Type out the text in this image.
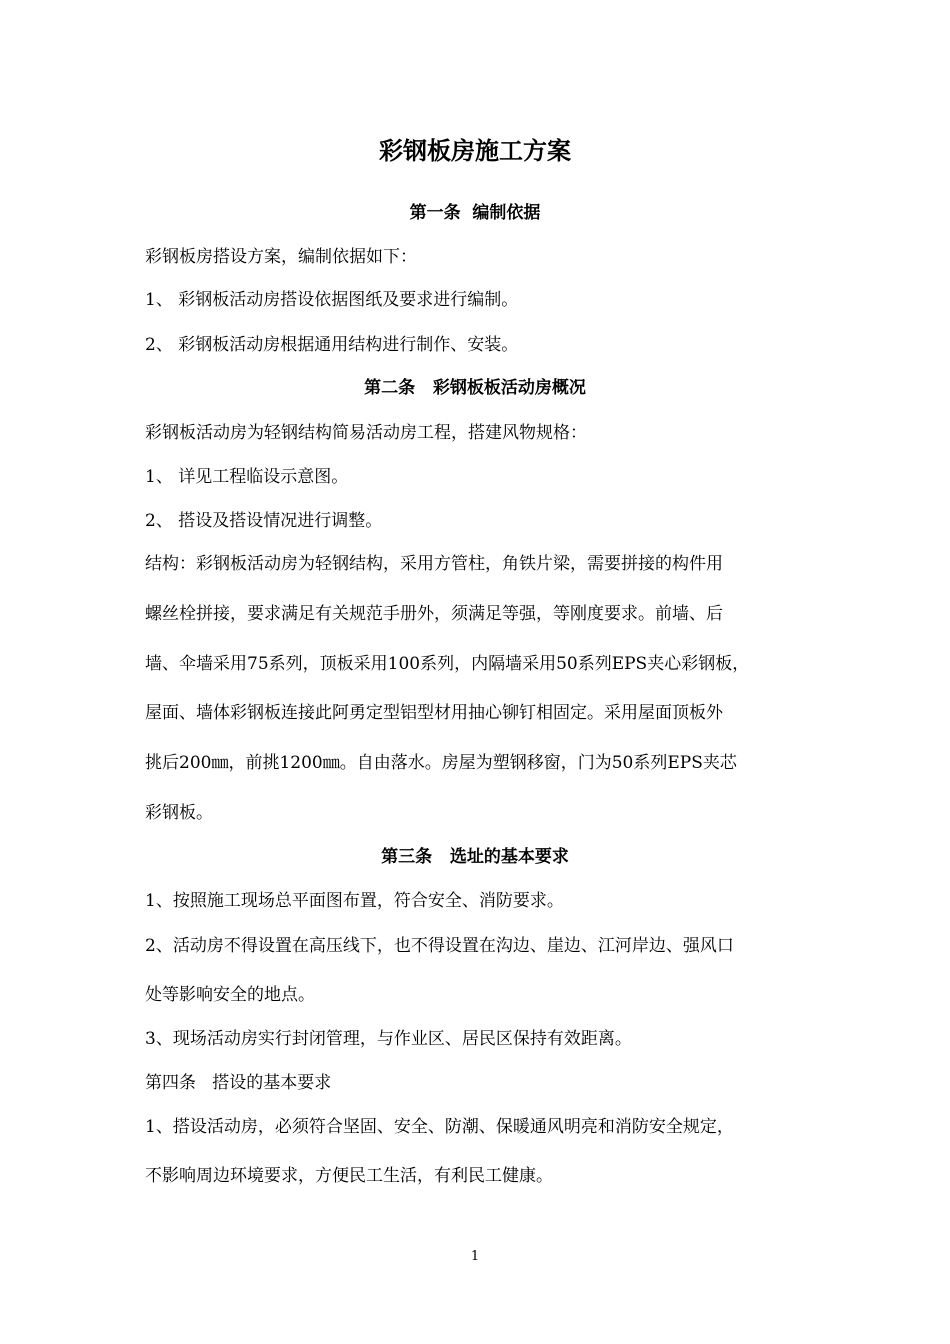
彩钢板房施工方案
第一条  编制依据
彩钢板房搭设方案，编制依据如下：
1、 彩钢板活动房搭设依据图纸及要求进行编制。
2、 彩钢板活动房根据通用结构进行制作、安装。
第二条   彩钢板板活动房概况
彩钢板活动房为轻钢结构简易活动房工程，搭建风物规格：
1、 详见工程临设示意图。
2、 搭设及搭设情况进行调整。
结构：彩钢板活动房为轻钢结构，采用方管柱，角铁片梁，需要拼接的构件用
螺丝栓拼接，要求满足有关规范手册外，须满足等强，等刚度要求。前墙、后
墙、伞墙采用75系列，顶板采用100系列，内隔墙采用50系列EPS夹心彩钢板，
屋面、墙体彩钢板连接此阿勇定型铝型材用抽心铆钉相固定。采用屋面顶板外
挑后200㎜，前挑1200㎜。自由落水。房屋为塑钢移窗，门为50系列EPS夹芯
彩钢板。
第三条   选址的基本要求
1、按照施工现场总平面图布置，符合安全、消防要求。
2、活动房不得设置在高压线下，也不得设置在沟边、崖边、江河岸边、强风口
处等影响安全的地点。
3、现场活动房实行封闭管理，与作业区、居民区保持有效距离。
第四条   搭设的基本要求
1、搭设活动房，必须符合坚固、安全、防潮、保暖通风明亮和消防安全规定，
不影响周边环境要求，方便民工生活，有利民工健康。
1
